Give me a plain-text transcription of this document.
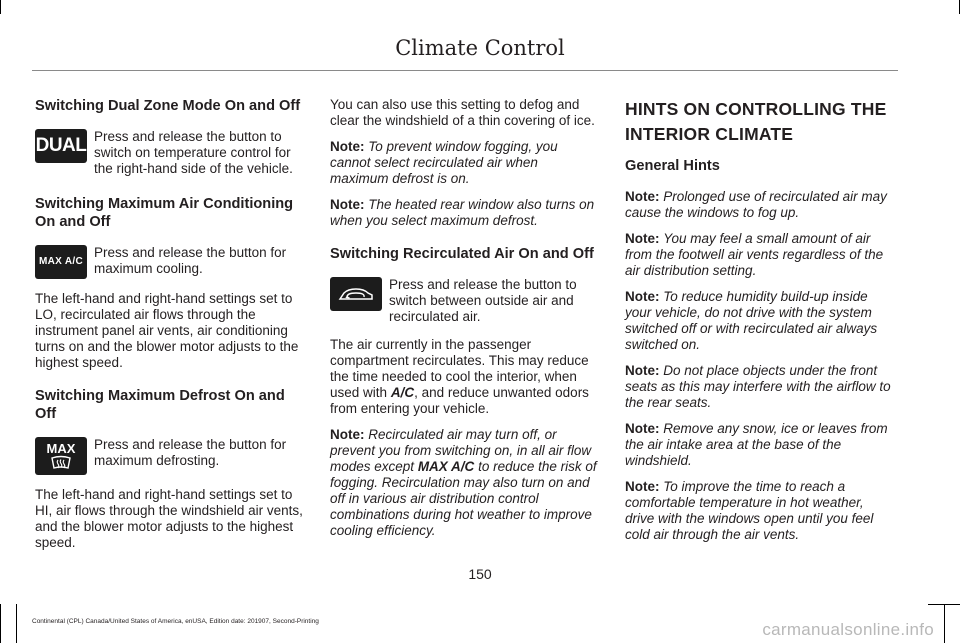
Climate Control
Switching Dual Zone Mode On and Off
DUAL Press and release the button to switch on temperature control for the right-hand side of the vehicle.
Switching Maximum Air Conditioning On and Off
MAX A/C
Press and release the button for maximum cooling.

The left-hand and right-hand settings set to LO, recirculated air flows through the instrument panel air vents, air conditioning turns on and the blower motor adjusts to the highest speed.

Switching Maximum Defrost On and Off
MAX Press and release the button for maximum defrosting.

The left-hand and right-hand settings set to HI, air flows through the windshield air vents, and the blower motor adjusts to the highest speed.

You can also use this setting to defog and clear the windshield of a thin covering of ice.

Note: To prevent window fogging, you cannot select recirculated air when maximum defrost is on.

Note: The heated rear window also turns on when you select maximum defrost.

Switching Recirculated Air On and Off
Press and release the button to switch between outside air and recirculated air.

The air currently in the passenger compartment recirculates. This may reduce the time needed to cool the interior, when used with A/C, and reduce unwanted odors from entering your vehicle.

Note: Recirculated air may turn off, or prevent you from switching on, in all air flow modes except MAX A/C to reduce the risk of fogging. Recirculation may also turn on and off in various air distribution control combinations during hot weather to improve cooling efficiency.

HINTS ON CONTROLLING THE INTERIOR CLIMATE
General Hints

Note: Prolonged use of recirculated air may cause the windows to fog up.

Note: You may feel a small amount of air from the footwell air vents regardless of the air distribution setting.

Note: To reduce humidity build-up inside your vehicle, do not drive with the system switched off or with recirculated air always switched on.

Note: Do not place objects under the front seats as this may interfere with the airflow to the rear seats.

Note: Remove any snow, ice or leaves from the air intake area at the base of the windshield.

Note: To improve the time to reach a comfortable temperature in hot weather, drive with the windows open until you feel cold air through the air vents.

150
Continental (CPL) Canada/United States of America, enUSA, Edition date: 201907, Second-Printing	carmanualsonline.info
